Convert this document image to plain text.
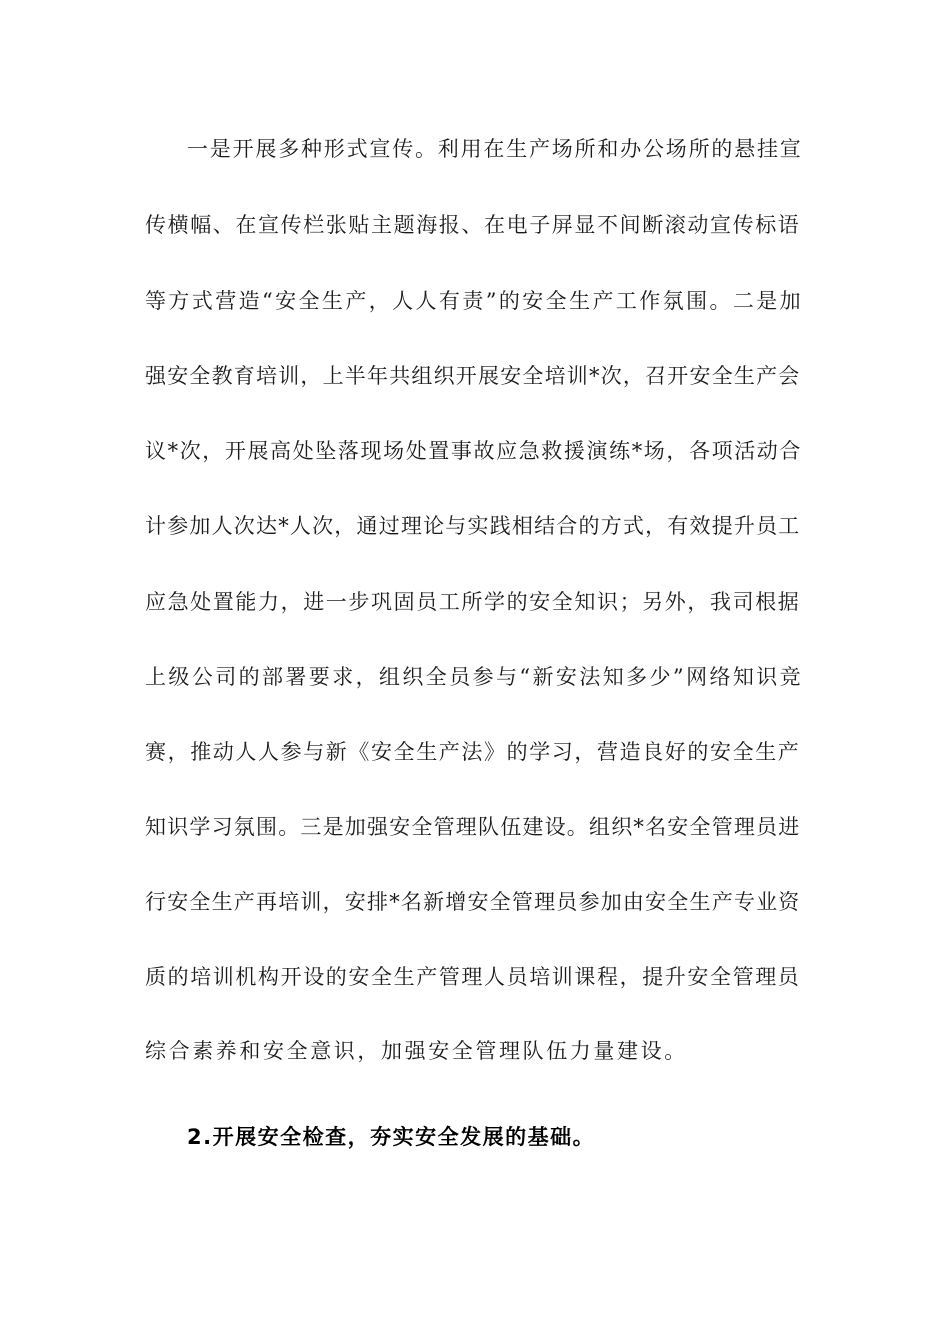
一是开展多种形式宣传。利用在生产场所和办公场所的悬挂宣
传横幅、在宣传栏张贴主题海报、在电子屏显不间断滚动宣传标语
等方式营造“安全生产，人人有责”的安全生产工作氛围。二是加
强安全教育培训，上半年共组织开展安全培训*次，召开安全生产会
议*次，开展高处坠落现场处置事故应急救援演练*场，各项活动合
计参加人次达*人次，通过理论与实践相结合的方式，有效提升员工
应急处置能力，进一步巩固员工所学的安全知识；另外，我司根据
上级公司的部署要求，组织全员参与“新安法知多少”网络知识竞
赛，推动人人参与新《安全生产法》的学习，营造良好的安全生产
知识学习氛围。三是加强安全管理队伍建设。组织*名安全管理员进
行安全生产再培训，安排*名新增安全管理员参加由安全生产专业资
质的培训机构开设的安全生产管理人员培训课程，提升安全管理员
综合素养和安全意识，加强安全管理队伍力量建设。
2.开展安全检查，夯实安全发展的基础。
